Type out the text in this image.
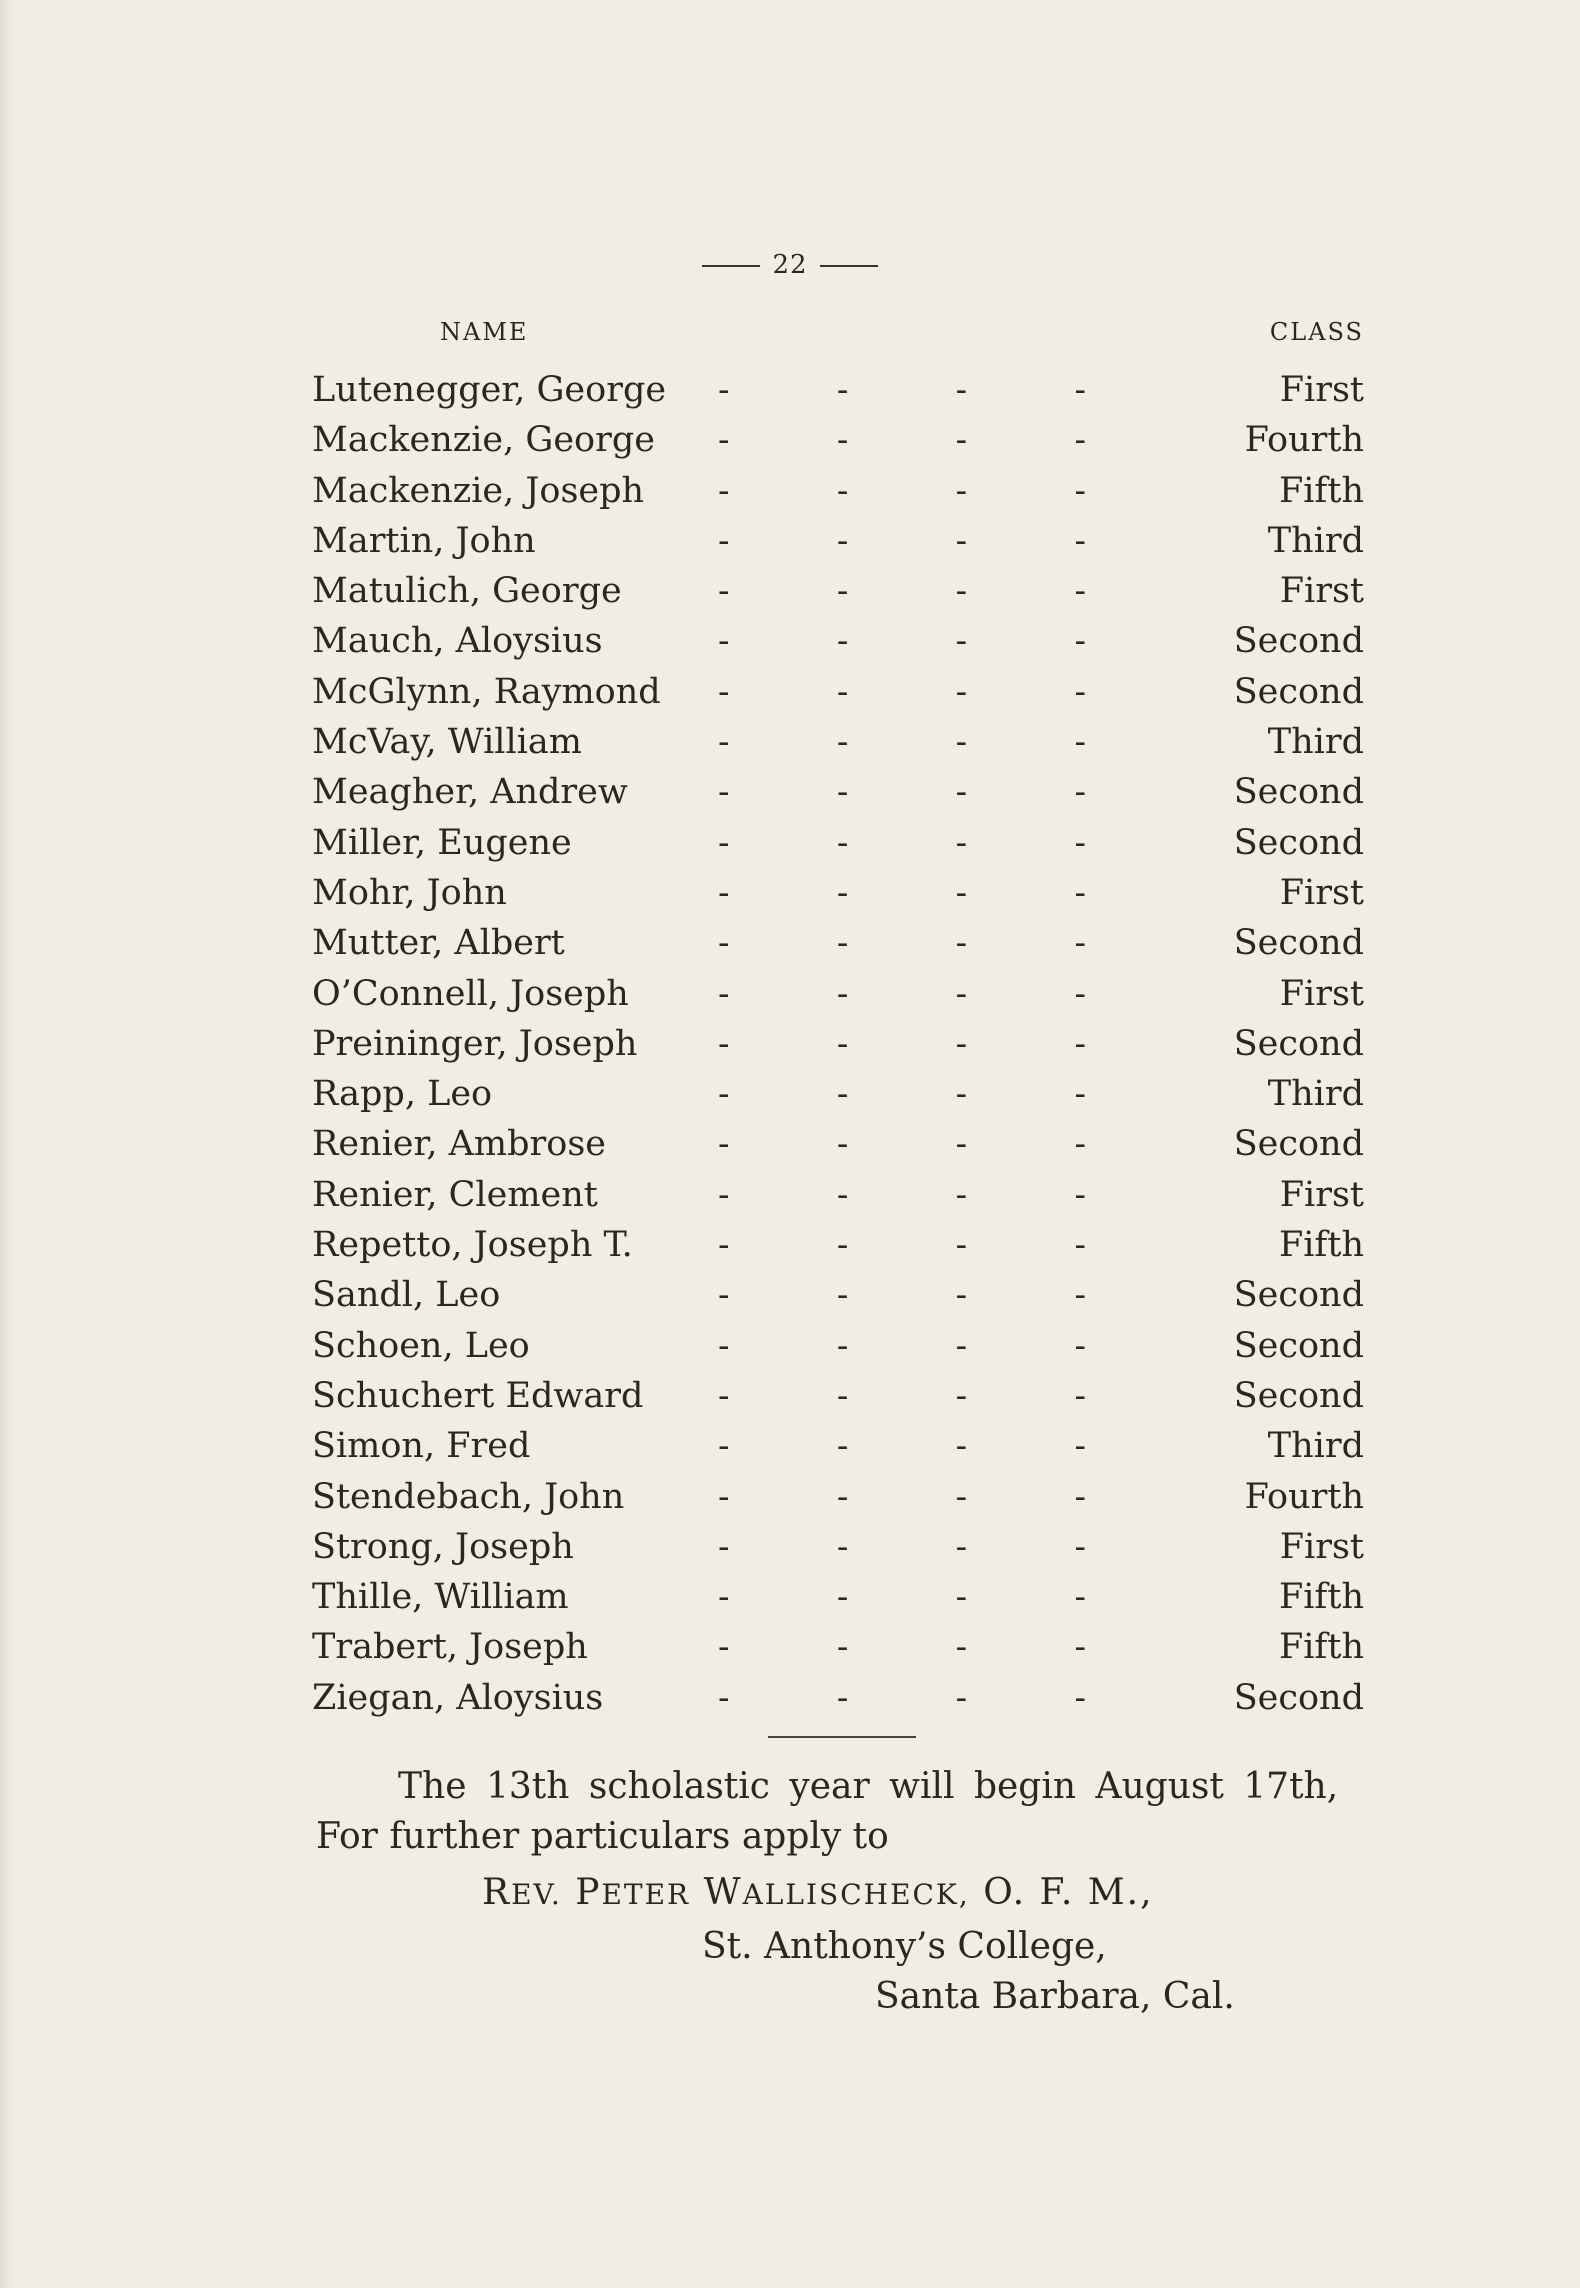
22
NAME	CLASS
Lutenegger, George -	-	-	-	First
Mackenzie, George -	-	-	-	Fourth
Mackenzie, Joseph -	-	-	-	Fifth
Martin, John	-	-	-	-	Third
Matulich, George	-	-	-	-	First
Mauch, Aloysius	-	-	-	-	Second
McGlynn, Raymond -	-	-	-	Second
McVay, William	-	-	-	-	Third
Meagher, Andrew	-	-	-	-	Second
Miller, Eugene	-	-	-	-	Second
Mohr, John	-	-	-	-	First
Mutter, Albert	-	-	-	-	Second
O’Connell, Joseph	-	-	-	-	First
Preininger, Joseph -	-	-	-	Second
Rapp, Leo	-	-	-	-	Third
Renier, Ambrose	-	-	-	-	Second
Renier, Clement	-	-	-	-	First
Repetto, Joseph T.	-	-	-	-	Fifth
Sandl, Leo	-	-	-	-	Second
Schoen, Leo	-	-	-	-	Second
Schuchert Edward -	-	-	-	Second
Simon, Fred	-	-	-	-	Third
Stendebach, John	-	-	-	-	Fourth
Strong, Joseph	-	-	-	-	First
Thille, William	-	-	-	-	Fifth
Trabert, Joseph	-	-	-	-	Fifth
Ziegan, Aloysius	-	-	-	-	Second
The 13th scholastic year will begin August 17th,
For further particulars apply to
REV. PETER WALLISCHECK, O. F. M.,
St. Anthony’s College,
Santa Barbara, Cal.
